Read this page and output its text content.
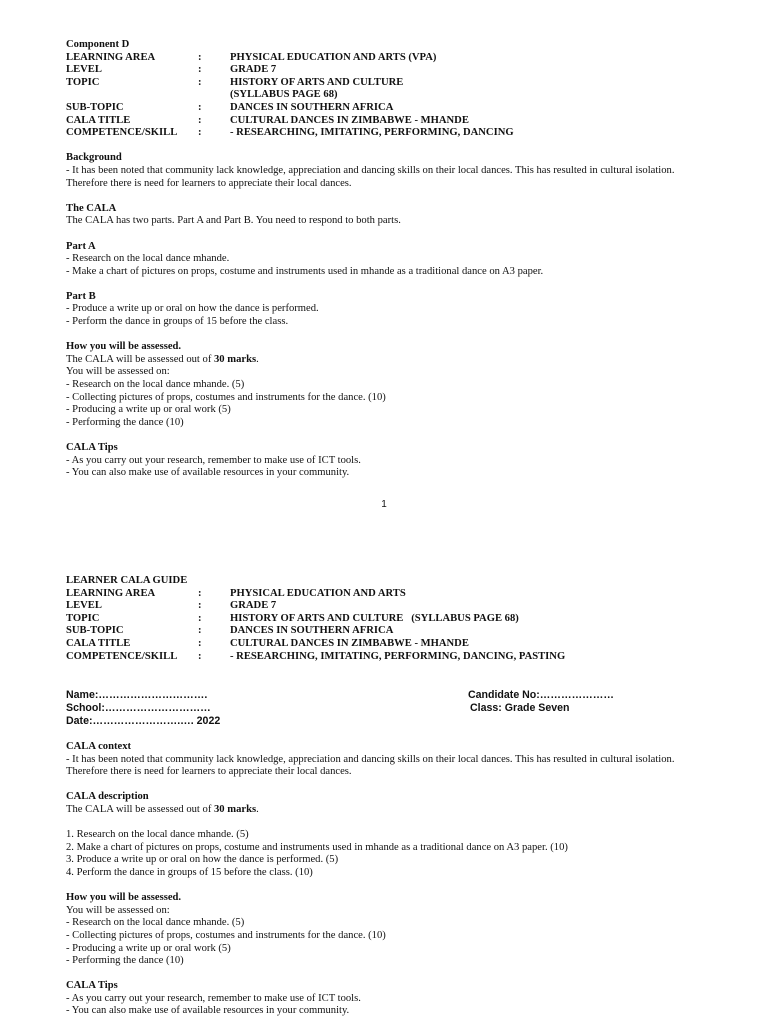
Component D
LEARNING AREA	:	PHYSICAL EDUCATION AND ARTS (VPA)
LEVEL	:	GRADE 7
TOPIC	:	HISTORY OF ARTS AND CULTURE
(SYLLABUS PAGE 68)
SUB-TOPIC	:	DANCES IN SOUTHERN AFRICA
CALA TITLE	:	CULTURAL DANCES IN ZIMBABWE - MHANDE
COMPETENCE/SKILL :	- RESEARCHING, IMITATING, PERFORMING, DANCING
Background
- It has been noted that community lack knowledge, appreciation and dancing skills on their local dances. This has resulted in cultural isolation.
Therefore there is need for learners to appreciate their local dances.
The CALA
The CALA has two parts. Part A and Part B. You need to respond to both parts.
Part A
- Research on the local dance mhande.
- Make a chart of pictures on props, costume and instruments used in mhande as a traditional dance on A3 paper.
Part B
- Produce a write up or oral on how the dance is performed.
- Perform the dance in groups of 15 before the class.
How you will be assessed.
The CALA will be assessed out of 30 marks.
You will be assessed on:
- Research on the local dance mhande. (5)
- Collecting pictures of props, costumes and instruments for the dance. (10)
- Producing a write up or oral work (5)
- Performing the dance (10)
CALA Tips
- As you carry out your research, remember to make use of ICT tools.
- You can also make use of available resources in your community.
1
LEARNER CALA GUIDE
LEARNING AREA	:	PHYSICAL EDUCATION AND ARTS
LEVEL	:	GRADE 7
TOPIC	:	HISTORY OF ARTS AND CULTURE   (SYLLABUS PAGE 68)
SUB-TOPIC	:	DANCES IN SOUTHERN AFRICA
CALA TITLE	:	CULTURAL DANCES IN ZIMBABWE - MHANDE
COMPETENCE/SKILL :	- RESEARCHING, IMITATING, PERFORMING, DANCING, PASTING
Name:………………………….
School:…………………………
Date:…………………….…. 2022
Candidate No:…………………
Class: Grade Seven
CALA context
- It has been noted that community lack knowledge, appreciation and dancing skills on their local dances. This has resulted in cultural isolation.
Therefore there is need for learners to appreciate their local dances.
CALA description
The CALA will be assessed out of 30 marks.
1. Research on the local dance mhande. (5)
2. Make a chart of pictures on props, costume and instruments used in mhande as a traditional dance on A3 paper. (10)
3. Produce a write up or oral on how the dance is performed. (5)
4. Perform the dance in groups of 15 before the class. (10)
How you will be assessed.
You will be assessed on:
- Research on the local dance mhande. (5)
- Collecting pictures of props, costumes and instruments for the dance. (10)
- Producing a write up or oral work (5)
- Performing the dance (10)
CALA Tips
- As you carry out your research, remember to make use of ICT tools.
- You can also make use of available resources in your community.
